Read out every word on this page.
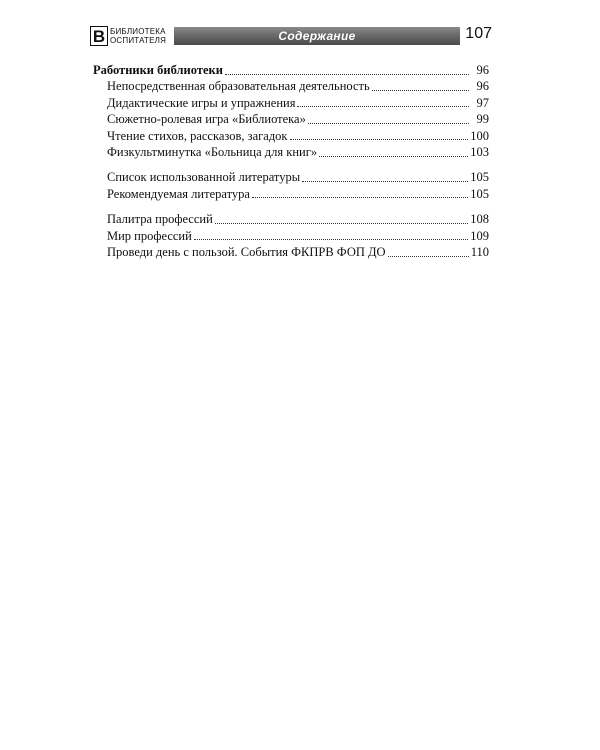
B БИБЛИОТЕКА
ОСПИТАТЕЛЯ	Содержание	107
Работники библиотеки	96
Непосредственная образовательная деятельность	96
Дидактические игры и упражнения	97
Сюжетно-ролевая игра «Библиотека»	99
Чтение стихов, рассказов, загадок	100
Физкультминутка «Больница для книг»	103
Список использованной литературы	105
Рекомендуемая литература	105
Палитра профессий	108
Мир профессий	109
Проведи день с пользой. События ФКПРВ ФОП ДО	110
